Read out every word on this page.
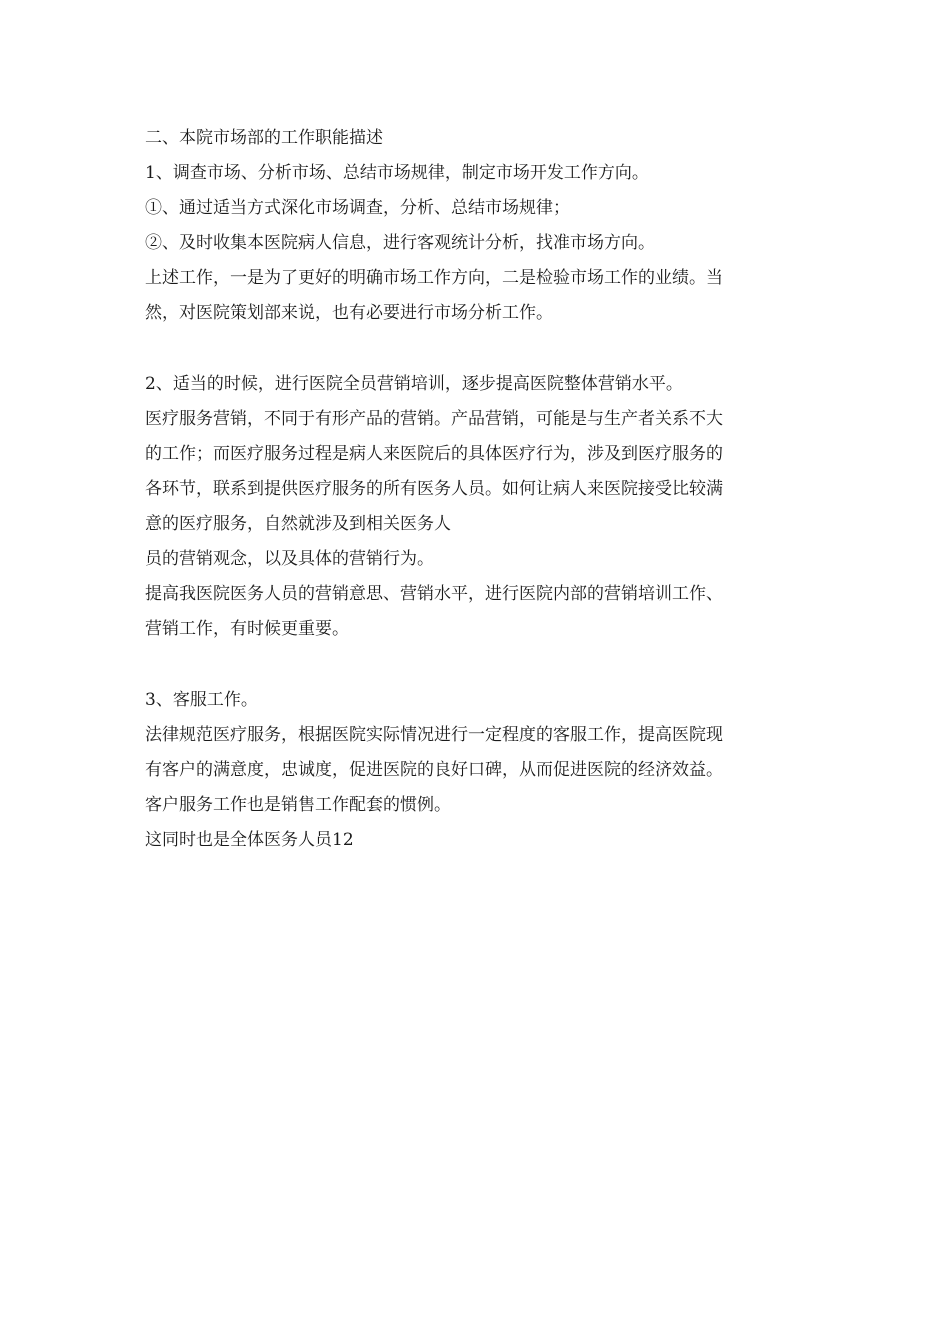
二、本院市场部的工作职能描述
1、调查市场、分析市场、总结市场规律，制定市场开发工作方向。
①、通过适当方式深化市场调查，分析、总结市场规律；
②、及时收集本医院病人信息，进行客观统计分析，找准市场方向。
上述工作，一是为了更好的明确市场工作方向，二是检验市场工作的业绩。当
然，对医院策划部来说，也有必要进行市场分析工作。
2、适当的时候，进行医院全员营销培训，逐步提高医院整体营销水平。
医疗服务营销，不同于有形产品的营销。产品营销，可能是与生产者关系不大
的工作；而医疗服务过程是病人来医院后的具体医疗行为，涉及到医疗服务的
各环节，联系到提供医疗服务的所有医务人员。如何让病人来医院接受比较满
意的医疗服务，自然就涉及到相关医务人
员的营销观念，以及具体的营销行为。
提高我医院医务人员的营销意思、营销水平，进行医院内部的营销培训工作、
营销工作，有时候更重要。
3、客服工作。
法律规范医疗服务，根据医院实际情况进行一定程度的客服工作，提高医院现
有客户的满意度，忠诚度，促进医院的良好口碑，从而促进医院的经济效益。
客户服务工作也是销售工作配套的惯例。
这同时也是全体医务人员12
